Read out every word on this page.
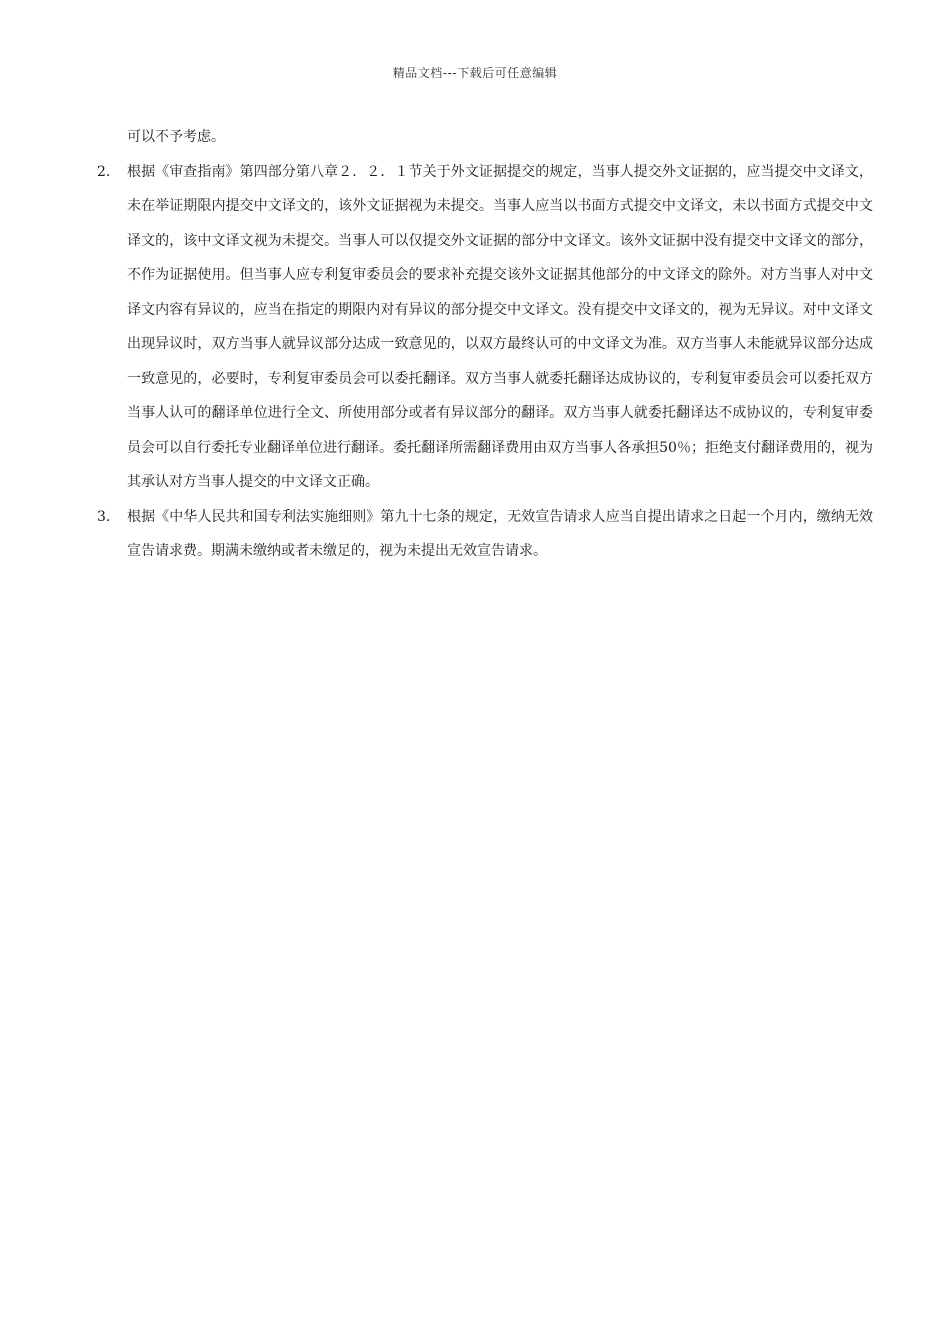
精品文档---下载后可任意编辑

可以不予考虑。

2.	根据《审查指南》第四部分第八章２．２．１节关于外文证据提交的规定，当事人提交外文证据的，应当提交中文译文，未在举证期限内提交中文译文的，该外文证据视为未提交。当事人应当以书面方式提交中文译文，未以书面方式提交中文译文的，该中文译文视为未提交。当事人可以仅提交外文证据的部分中文译文。该外文证据中没有提交中文译文的部分，不作为证据使用。但当事人应专利复审委员会的要求补充提交该外文证据其他部分的中文译文的除外。对方当事人对中文译文内容有异议的，应当在指定的期限内对有异议的部分提交中文译文。没有提交中文译文的，视为无异议。对中文译文出现异议时，双方当事人就异议部分达成一致意见的，以双方最终认可的中文译文为准。双方当事人未能就异议部分达成一致意见的，必要时，专利复审委员会可以委托翻译。双方当事人就委托翻译达成协议的，专利复审委员会可以委托双方当事人认可的翻译单位进行全文、所使用部分或者有异议部分的翻译。双方当事人就委托翻译达不成协议的，专利复审委员会可以自行委托专业翻译单位进行翻译。委托翻译所需翻译费用由双方当事人各承担50％；拒绝支付翻译费用的，视为其承认对方当事人提交的中文译文正确。

3.	根据《中华人民共和国专利法实施细则》第九十七条的规定，无效宣告请求人应当自提出请求之日起一个月内，缴纳无效宣告请求费。期满未缴纳或者未缴足的，视为未提出无效宣告请求。
